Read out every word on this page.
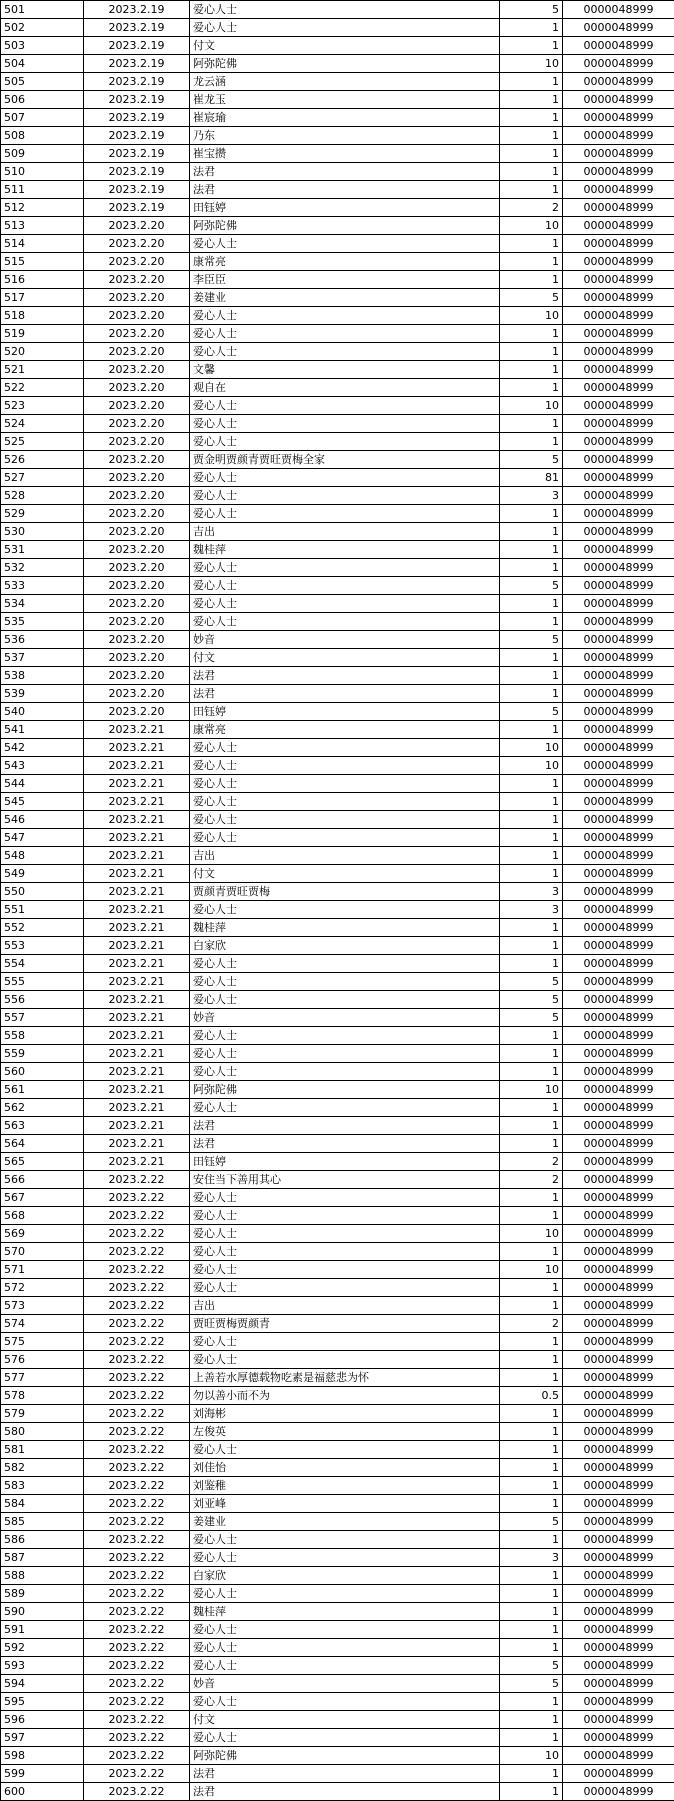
501	2023.2.19	爱心人士	5	0000048999
502	2023.2.19	爱心人士	1	0000048999
503	2023.2.19	付文	1	0000048999
504	2023.2.19	阿弥陀佛	10	0000048999
505	2023.2.19	龙云涵	1	0000048999
506	2023.2.19	崔龙玉	1	0000048999
507	2023.2.19	崔宸瑜	1	0000048999
508	2023.2.19	乃东	1	0000048999
509	2023.2.19	崔宝攒	1	0000048999
510	2023.2.19	法君	1	0000048999
511	2023.2.19	法君	1	0000048999
512	2023.2.19	田钰婷	2	0000048999
513	2023.2.20	阿弥陀佛	10	0000048999
514	2023.2.20	爱心人士	1	0000048999
515	2023.2.20	康常亮	1	0000048999
516	2023.2.20	李臣臣	1	0000048999
517	2023.2.20	姜建业	5	0000048999
518	2023.2.20	爱心人士	10	0000048999
519	2023.2.20	爱心人士	1	0000048999
520	2023.2.20	爱心人士	1	0000048999
521	2023.2.20	文馨	1	0000048999
522	2023.2.20	观自在	1	0000048999
523	2023.2.20	爱心人士	10	0000048999
524	2023.2.20	爱心人士	1	0000048999
525	2023.2.20	爱心人士	1	0000048999
526	2023.2.20	贾金明贾颜青贾旺贾梅全家	5	0000048999
527	2023.2.20	爱心人士	81	0000048999
528	2023.2.20	爱心人士	3	0000048999
529	2023.2.20	爱心人士	1	0000048999
530	2023.2.20	吉出	1	0000048999
531	2023.2.20	魏桂萍	1	0000048999
532	2023.2.20	爱心人士	1	0000048999
533	2023.2.20	爱心人士	5	0000048999
534	2023.2.20	爱心人士	1	0000048999
535	2023.2.20	爱心人士	1	0000048999
536	2023.2.20	妙音	5	0000048999
537	2023.2.20	付文	1	0000048999
538	2023.2.20	法君	1	0000048999
539	2023.2.20	法君	1	0000048999
540	2023.2.20	田钰婷	5	0000048999
541	2023.2.21	康常亮	1	0000048999
542	2023.2.21	爱心人士	10	0000048999
543	2023.2.21	爱心人士	10	0000048999
544	2023.2.21	爱心人士	1	0000048999
545	2023.2.21	爱心人士	1	0000048999
546	2023.2.21	爱心人士	1	0000048999
547	2023.2.21	爱心人士	1	0000048999
548	2023.2.21	吉出	1	0000048999
549	2023.2.21	付文	1	0000048999
550	2023.2.21	贾颜青贾旺贾梅	3	0000048999
551	2023.2.21	爱心人士	3	0000048999
552	2023.2.21	魏桂萍	1	0000048999
553	2023.2.21	白家欣	1	0000048999
554	2023.2.21	爱心人士	1	0000048999
555	2023.2.21	爱心人士	5	0000048999
556	2023.2.21	爱心人士	5	0000048999
557	2023.2.21	妙音	5	0000048999
558	2023.2.21	爱心人士	1	0000048999
559	2023.2.21	爱心人士	1	0000048999
560	2023.2.21	爱心人士	1	0000048999
561	2023.2.21	阿弥陀佛	10	0000048999
562	2023.2.21	爱心人士	1	0000048999
563	2023.2.21	法君	1	0000048999
564	2023.2.21	法君	1	0000048999
565	2023.2.21	田钰婷	2	0000048999
566	2023.2.22	安住当下善用其心	2	0000048999
567	2023.2.22	爱心人士	1	0000048999
568	2023.2.22	爱心人士	1	0000048999
569	2023.2.22	爱心人士	10	0000048999
570	2023.2.22	爱心人士	1	0000048999
571	2023.2.22	爱心人士	10	0000048999
572	2023.2.22	爱心人士	1	0000048999
573	2023.2.22	吉出	1	0000048999
574	2023.2.22	贾旺贾梅贾颜青	2	0000048999
575	2023.2.22	爱心人士	1	0000048999
576	2023.2.22	爱心人士	1	0000048999
577	2023.2.22	上善若水厚德载物吃素是福慈悲为怀	1	0000048999
578	2023.2.22	勿以善小而不为	0.5	0000048999
579	2023.2.22	刘海彬	1	0000048999
580	2023.2.22	左俊英	1	0000048999
581	2023.2.22	爱心人士	1	0000048999
582	2023.2.22	刘佳怡	1	0000048999
583	2023.2.22	刘鉴稚	1	0000048999
584	2023.2.22	刘亚峰	1	0000048999
585	2023.2.22	姜建业	5	0000048999
586	2023.2.22	爱心人士	1	0000048999
587	2023.2.22	爱心人士	3	0000048999
588	2023.2.22	白家欣	1	0000048999
589	2023.2.22	爱心人士	1	0000048999
590	2023.2.22	魏桂萍	1	0000048999
591	2023.2.22	爱心人士	1	0000048999
592	2023.2.22	爱心人士	1	0000048999
593	2023.2.22	爱心人士	5	0000048999
594	2023.2.22	妙音	5	0000048999
595	2023.2.22	爱心人士	1	0000048999
596	2023.2.22	付文	1	0000048999
597	2023.2.22	爱心人士	1	0000048999
598	2023.2.22	阿弥陀佛	10	0000048999
599	2023.2.22	法君	1	0000048999
600	2023.2.22	法君	1	0000048999
